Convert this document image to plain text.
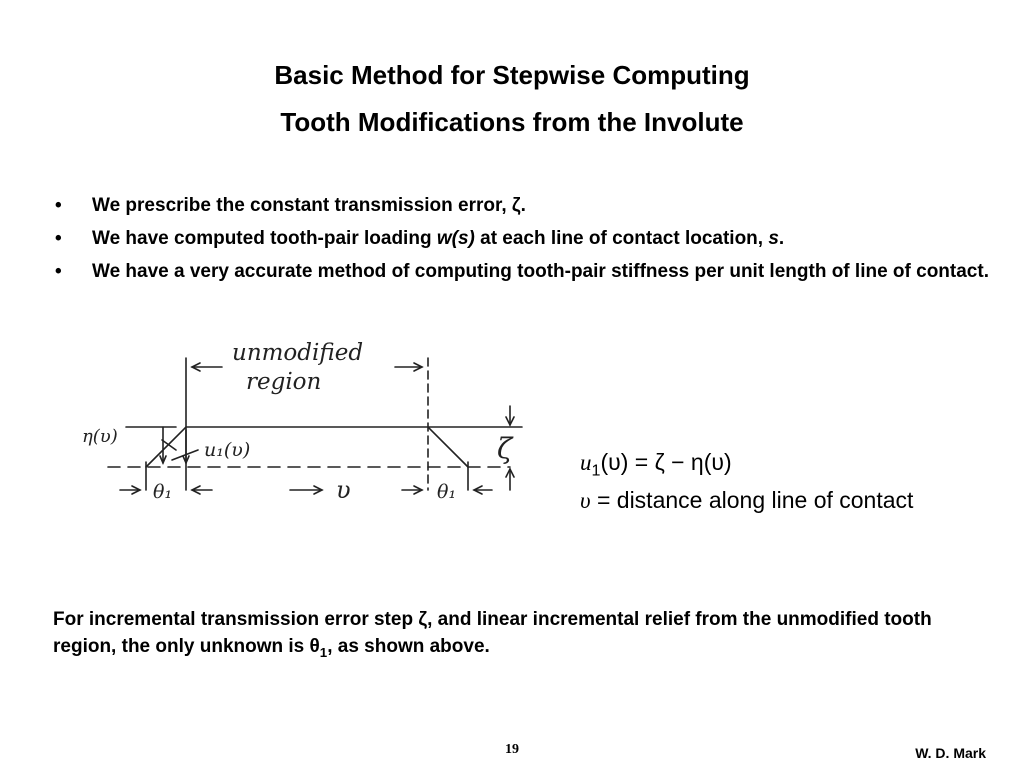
Basic Method for Stepwise Computing
Tooth Modifications from the Involute
• We prescribe the constant transmission error, ζ.
• We have computed tooth-pair loading w(s) at each line of contact location, s.
• We have a very accurate method of computing tooth-pair stiffness per unit length of line of contact.
unmodified
region
η(υ)
u₁(υ)	ζ
θ₁	υ	θ₁
$u_1(\upsilon) = \zeta - \eta(\upsilon)$
υ = distance along line of contact
For incremental transmission error step ζ, and linear incremental relief from the unmodified tooth region, the only unknown is $\theta_1$, as shown above.
19	W. D. Mark
